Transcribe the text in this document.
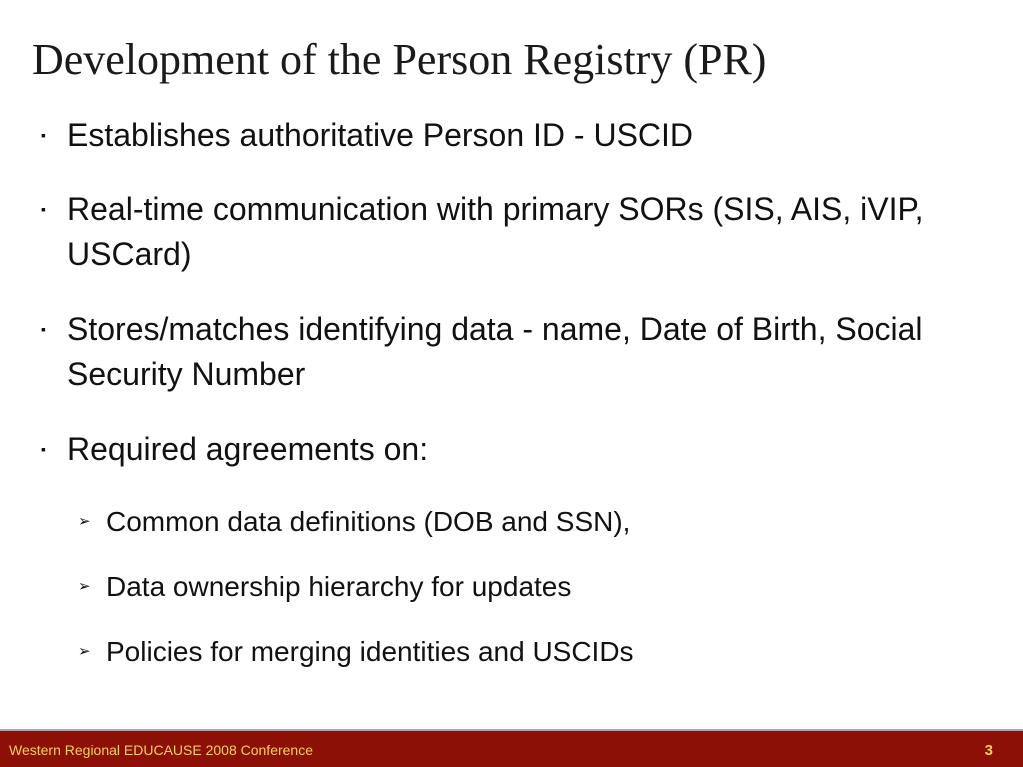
Development of the Person Registry (PR)
▪ Establishes authoritative Person ID - USCID
▪ Real-time communication with primary SORs (SIS, AIS, iVIP, USCard)
▪ Stores/matches identifying data - name, Date of Birth, Social Security Number
▪ Required agreements on:
➢ Common data definitions (DOB and SSN),
➢ Data ownership hierarchy for updates
➢ Policies for merging identities and USCIDs
Western Regional EDUCAUSE 2008 Conference	3
